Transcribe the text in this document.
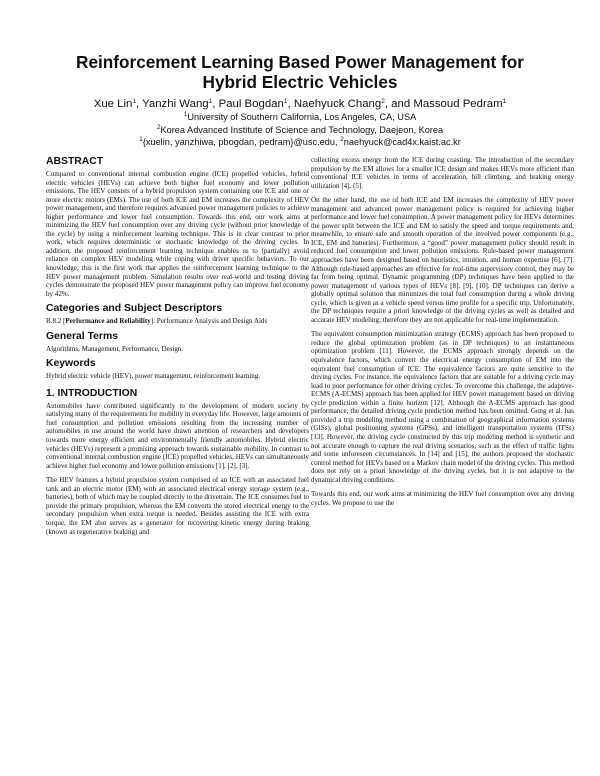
Reinforcement Learning Based Power Management for
Hybrid Electric Vehicles
Xue Lin$^1$, Yanzhi Wang$^1$, Paul Bogdan$^1$, Naehyuck Chang$^2$, and Massoud Pedram$^1$

$^1$University of Southern California, Los Angeles, CA, USA

$^2$Korea Advanced Institute of Science and Technology, Daejeon, Korea

$^1${xuelin, yanzhiwa, pbogdan, pedram}@usc.edu, $^2$naehyuck@cad4x.kaist.ac.kr

ABSTRACT

Compared to conventional internal combustion engine (ICE) propelled vehicles, hybrid electric vehicles (HEVs) can achieve both higher fuel economy and lower pollution emissions. The HEV consists of a hybrid propulsion system containing one ICE and one or more electric motors (EMs). The use of both ICE and EM increases the complexity of HEV power management, and therefore requires advanced power management policies to achieve higher performance and lower fuel consumption. Towards this end, our work aims at minimizing the HEV fuel consumption over any driving cycle (without prior knowledge of the cycle) by using a reinforcement learning technique. This is in clear contrast to prior work, which requires deterministic or stochastic knowledge of the driving cycles. In addition, the proposed reinforcement learning technique enables us to (partially) avoid reliance on complex HEV modeling while coping with driver specific behaviors. To our knowledge, this is the first work that applies the reinforcement learning technique to the HEV power management problem. Simulation results over real-world and testing driving cycles demonstrate the proposed HEV power management policy can improve fuel economy by 42%.

Categories and Subject Descriptors

B.8.2 [Performance and Reliability]: Performance Analysis and Design Aids

General Terms

Algorithms, Management, Performance, Design.

Keywords

Hybrid electric vehicle (HEV), power management, reinforcement learning.

1. INTRODUCTION

Automobiles have contributed significantly to the development of modern society by satisfying many of the requirements for mobility in everyday life. However, large amounts of fuel consumption and pollution emissions resulting from the increasing number of automobiles in use around the world have drawn attention of researchers and developers towards more energy efficient and environmentally friendly automobiles. Hybrid electric vehicles (HEVs) represent a promising approach towards sustainable mobility. In contrast to conventional internal combustion engine (ICE) propelled vehicles, HEVs can simultaneously achieve higher fuel economy and lower pollution emissions [1], [2], [3].

The HEV features a hybrid propulsion system comprised of an ICE with an associated fuel tank and an electric motor (EM) with an associated electrical energy storage system (e.g., batteries), both of which may be coupled directly to the drivetrain. The ICE consumes fuel to provide the primary propulsion, whereas the EM converts the stored electrical energy to the secondary propulsion when extra torque is needed. Besides assisting the ICE with extra torque, the EM also serves as a generator for recovering kinetic energy during braking (known as regenerative braking) and

collecting excess energy from the ICE during coasting. The introduction of the secondary propulsion by the EM allows for a smaller ICE design and makes HEVs more efficient than conventional ICE vehicles in terms of acceleration, hill climbing, and braking energy utilization [4], [5].

On the other hand, the use of both ICE and EM increases the complexity of HEV power management and advanced power management policy is required for achieving higher performance and lower fuel consumption. A power management policy for HEVs determines the power split between the ICE and EM to satisfy the speed and torque requirements and, meanwhile, to ensure safe and smooth operation of the involved power components (e.g., ICE, EM and batteries). Furthermore, a “good” power management policy should result in reduced fuel consumption and lower pollution emissions. Rule-based power management approaches have been designed based on heuristics, intuition, and human expertise [6], [7]. Although rule-based approaches are effective for real-time supervisory control, they may be far from being optimal. Dynamic programming (DP) techniques have been applied to the power management of various types of HEVs [8], [9], [10]. DP techniques can derive a globally optimal solution that minimizes the total fuel consumption during a whole driving cycle, which is given as a vehicle speed versus time profile for a specific trip. Unfortunately, the DP techniques require a priori knowledge of the driving cycles as well as detailed and accurate HEV modeling; therefore they are not applicable for real-time implementation.

The equivalent consumption minimization strategy (ECMS) approach has been proposed to reduce the global optimization problem (as in DP techniques) to an instantaneous optimization problem [11]. However, the ECMS approach strongly depends on the equivalence factors, which convert the electrical energy consumption of EM into the equivalent fuel consumption of ICE. The equivalence factors are quite sensitive to the driving cycles. For instance, the equivalence factors that are suitable for a driving cycle may lead to poor performance for other driving cycles. To overcome this challenge, the adaptive-ECMS (A-ECMS) approach has been applied for HEV power management based on driving cycle prediction within a finite horizon [12]. Although the A-ECMS approach has good performance, the detailed driving cycle prediction method has been omitted. Gong et al. has provided a trip modeling method using a combination of geographical information systems (GISs), global positioning systems (GPSs), and intelligent transportation systems (ITSs) [13]. However, the driving cycle constructed by this trip modeling method is synthetic and not accurate enough to capture the real driving scenarios, such as the effect of traffic lights and some unforeseen circumstances. In [14] and [15], the authors proposed the stochastic control method for HEVs based on a Markov chain model of the driving cycles. This method does not rely on a priori knowledge of the driving cycles, but it is not adaptive to the dynamical driving conditions.

Towards this end, our work aims at minimizing the HEV fuel consumption over any driving cycles. We propose to use the
